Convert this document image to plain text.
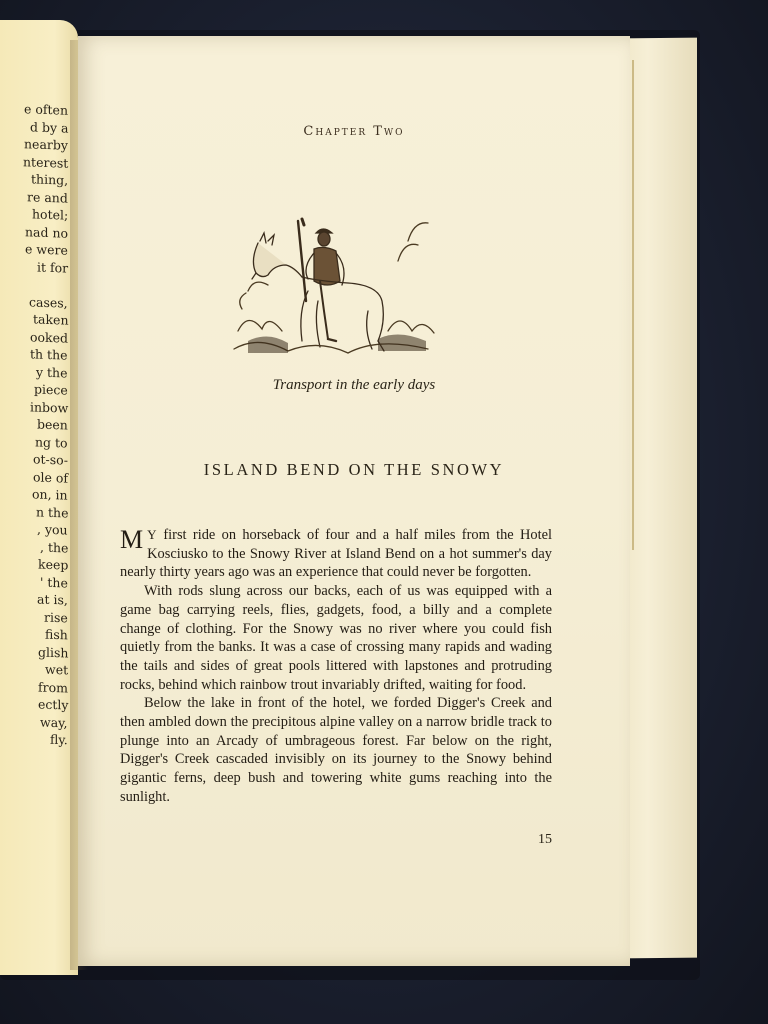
e often
d by a
nearby
nterest
thing,
re and
hotel;
nad no
e were
it for
cases,
taken
ooked
th the
y the
piece
inbow
been
ng to
ot-so-
ole of
on, in
n the
, you
, the
keep
' the
at is,
rise
fish
glish
wet
from
ectly
way,
fly.
Chapter Two
Transport in the early days
ISLAND BEND ON THE SNOWY

M Y first ride on horseback of four and a half miles from the Hotel Kosciusko to the Snowy River at Island Bend on a hot summer's day nearly thirty years ago was an experience that could never be forgotten.

With rods slung across our backs, each of us was equipped with a game bag carrying reels, flies, gadgets, food, a billy and a complete change of clothing. For the Snowy was no river where you could fish quietly from the banks. It was a case of crossing many rapids and wading the tails and sides of great pools littered with lapstones and protruding rocks, behind which rainbow trout invariably drifted, waiting for food.

Below the lake in front of the hotel, we forded Digger's Creek and then ambled down the precipitous alpine valley on a narrow bridle track to plunge into an Arcady of umbrageous forest. Far below on the right, Digger's Creek cascaded invisibly on its journey to the Snowy behind gigantic ferns, deep bush and towering white gums reaching into the sunlight.

15
